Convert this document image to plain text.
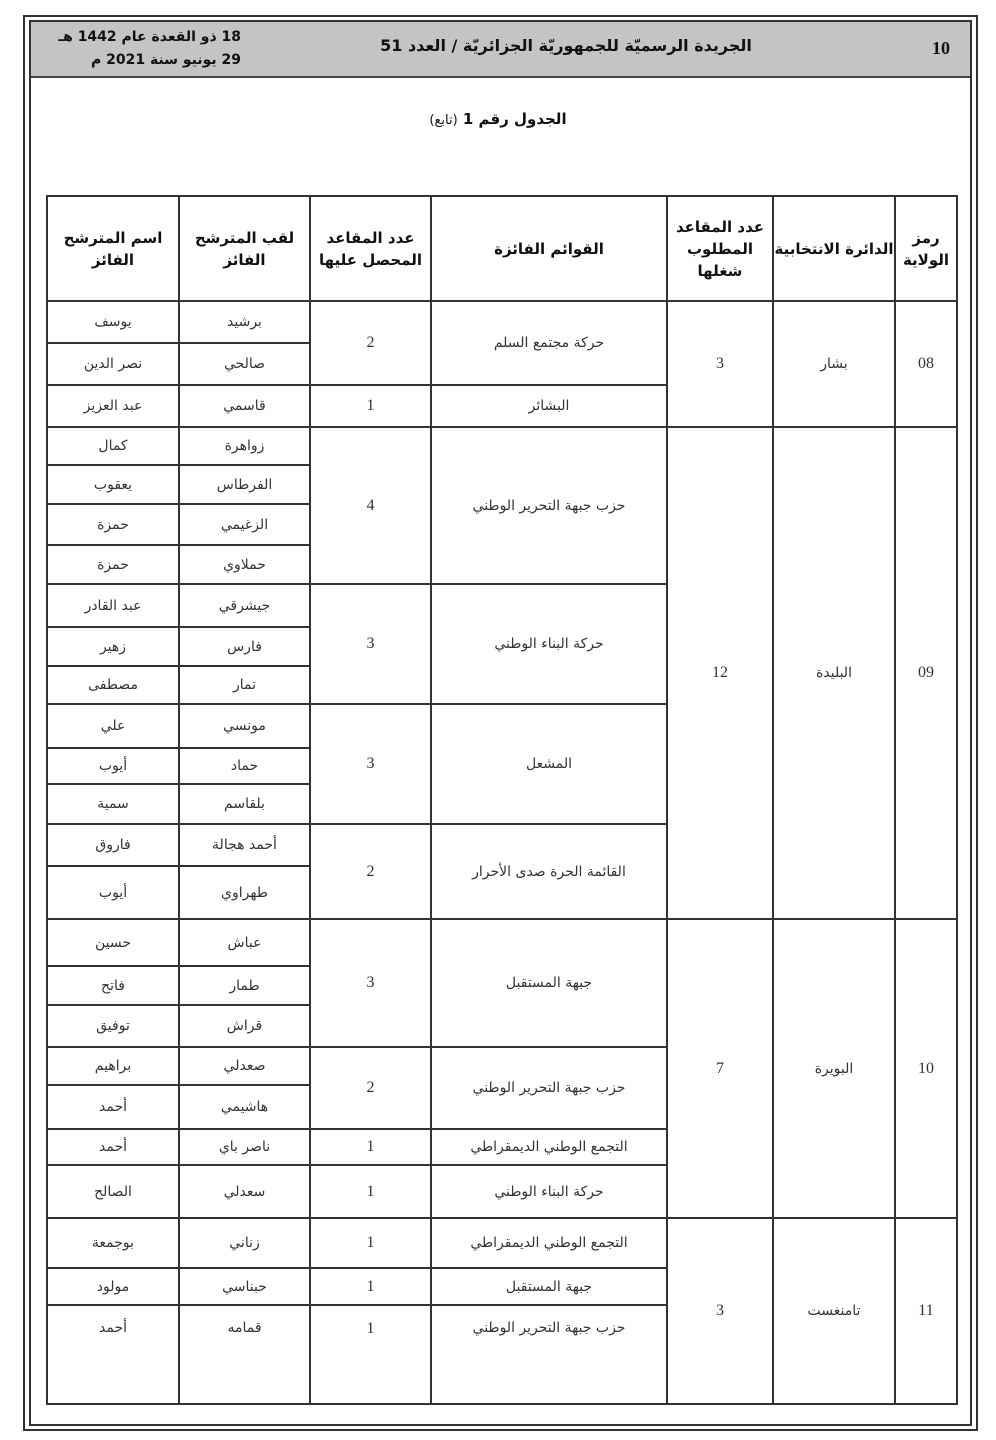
10
الجريدة الرسميّة للجمهوريّة الجزائريّة / العدد 51
18 ذو القعدة عام 1442 هـ
29 يونيو سنة 2021 م
الجدول رقم 1 (تابع)
رمز الولاية	الدائرة الانتخابية	عدد المقاعد المطلوب شغلها	القوائم الفائزة	عدد المقاعد المحصل عليها	لقب المترشح الفائز	اسم المترشح الفائز
08	بشار	3	حركة مجتمع السلم	2	برشيد	يوسف
					صالحي	نصر الدين
			البشائر	1	قاسمي	عبد العزيز
09	البليدة	12	حزب جبهة التحرير الوطني	4	زواهرة	كمال
					الفرطاس	يعقوب
					الزغيمي	حمزة
					حملاوي	حمزة
			حركة البناء الوطني	3	جيشرقي	عبد القادر
					فارس	زهير
					تمار	مصطفى
			المشعل	3	مونسي	علي
					حماد	أيوب
					بلقاسم	سمية
			القائمة الحرة صدى الأحرار	2	أحمد هجالة	فاروق
					طهراوي	أيوب
10	البويرة	7	جبهة المستقبل	3	عباش	حسين
					طمار	فاتح
					قراش	توفيق
			حزب جبهة التحرير الوطني	2	صعدلي	براهيم
					هاشيمي	أحمد
			التجمع الوطني الديمقراطي	1	ناصر باي	أحمد
			حركة البناء الوطني	1	سعدلي	الصالح
11	تامنغست	3	التجمع الوطني الديمقراطي	1	زناني	بوجمعة
			جبهة المستقبل	1	حبناسي	مولود
			حزب جبهة التحرير الوطني	1	قمامه	أحمد
